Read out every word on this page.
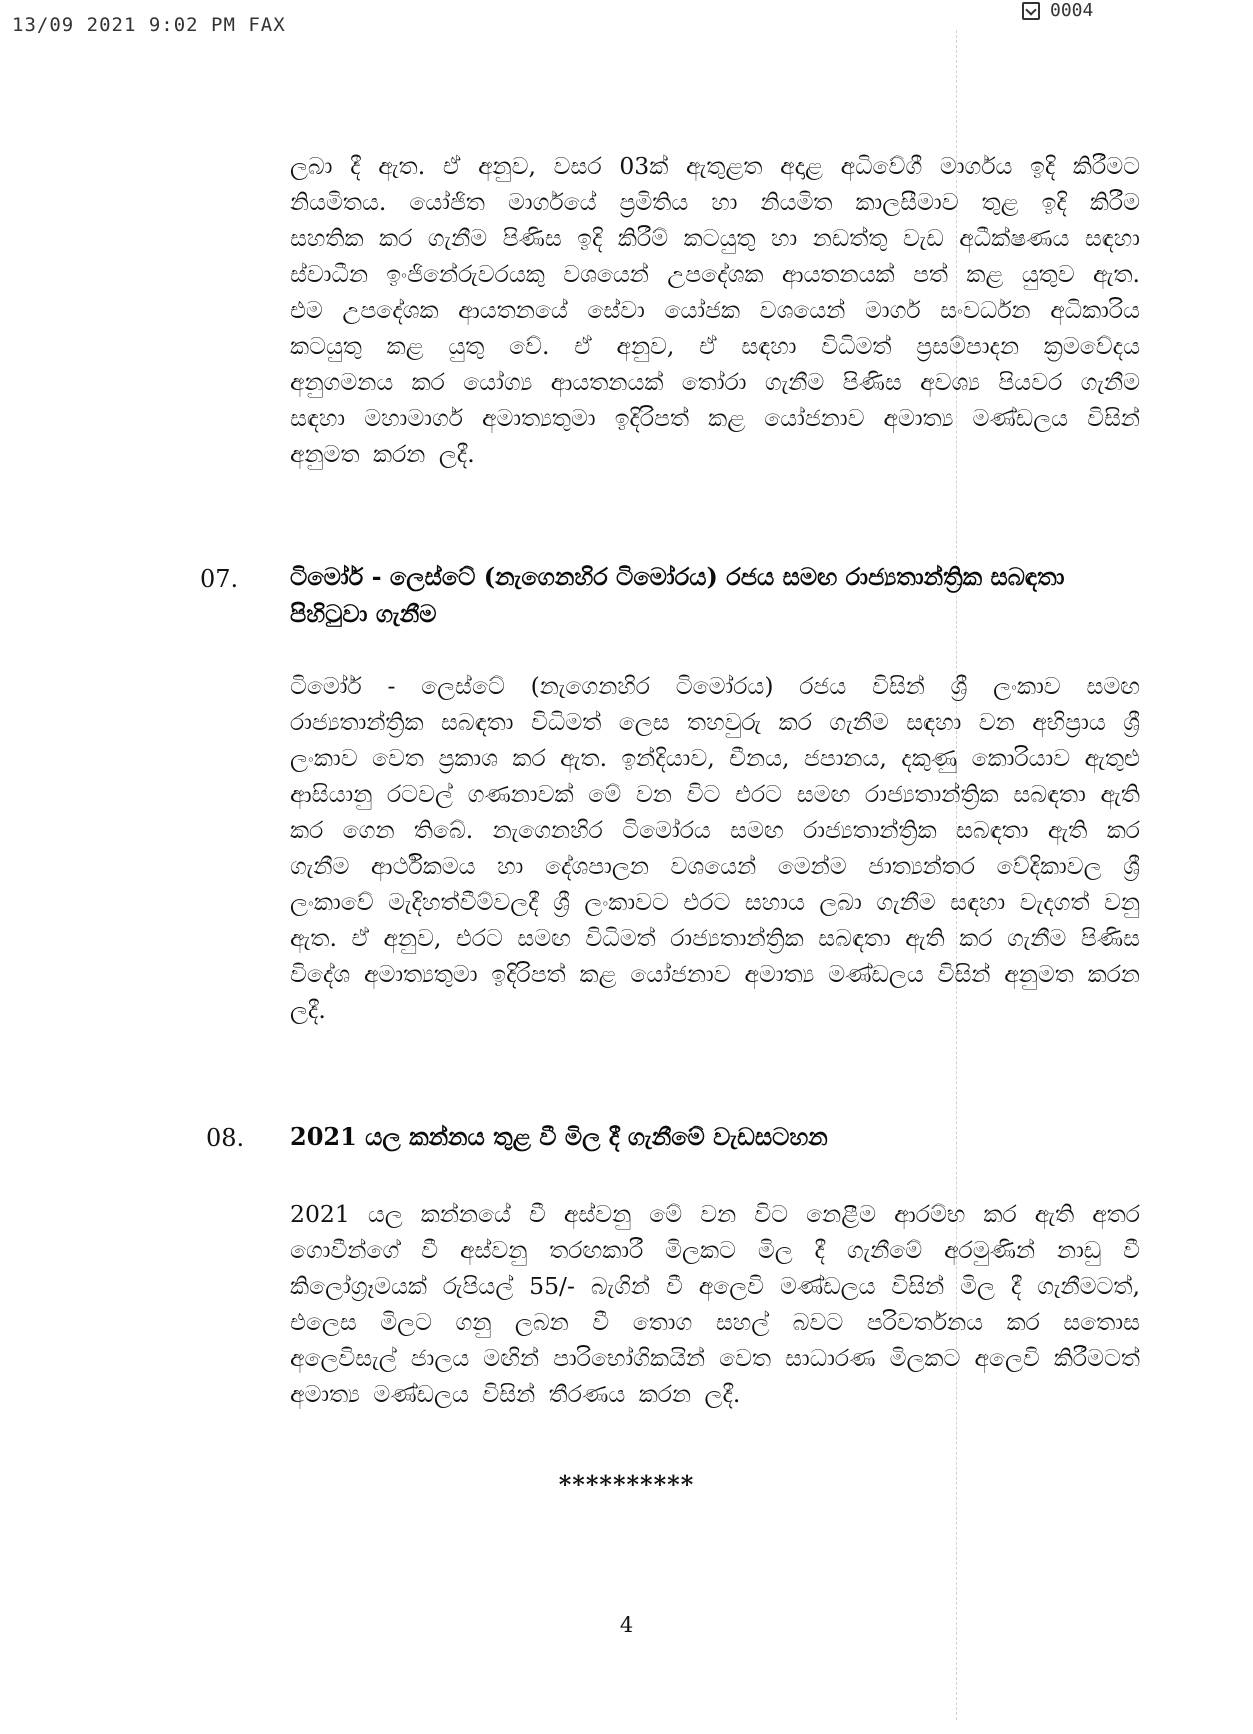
13/09 2021 9:02 PM FAX
0004
ලබා දී ඇත. ඒ අනුව, වසර 03ක් ඇතුළත අදාළ අධිවේගී මාර්ගය ඉදි කිරීමට නියමිතය. යෝජිත මාර්ගයේ ප්‍රමිතිය හා නියමිත කාලසීමාව තුළ ඉදි කිරීම සහතික කර ගැනීම පිණිස ඉදි කිරීම් කටයුතු හා නඩත්තු වැඩ අධීක්ෂණය සඳහා ස්වාධීන ඉංජිනේරුවරයකු වශයෙන් උපදේශක ආයතනයක් පත් කළ යුතුව ඇත. එම උපදේශක ආයතනයේ සේවා යෝජක වශයෙන් මාර්ග සංවර්ධන අධිකාරිය කටයුතු කළ යුතු වේ. ඒ අනුව, ඒ සඳහා විධිමත් ප්‍රසම්පාදන ක්‍රමවේදය අනුගමනය කර යෝග්‍ය ආයතනයක් තෝරා ගැනීම පිණිස අවශ්‍ය පියවර ගැනීම සඳහා මහාමාර්ග අමාත්‍යතුමා ඉදිරිපත් කළ යෝජනාව අමාත්‍ය මණ්ඩලය විසින් අනුමත කරන ලදී.
07. ටිමෝර් - ලෙස්ටේ (නැගෙනහිර ටිමෝරය) රජය සමඟ රාජ්‍යතාන්ත්‍රික සබඳතා පිහිටුවා ගැනීම
ටිමෝර් - ලෙස්ටේ (නැගෙනහිර ටිමෝරය) රජය විසින් ශ්‍රී ලංකාව සමඟ රාජ්‍යතාන්ත්‍රික සබඳතා විධිමත් ලෙස තහවුරු කර ගැනීම සඳහා වන අභිප්‍රාය ශ්‍රී ලංකාව වෙත ප්‍රකාශ කර ඇත. ඉන්දියාව, චීනය, ජපානය, දකුණු කොරියාව ඇතුළු ආසියානු රටවල් ගණනාවක් මේ වන විට එරට සමඟ රාජ්‍යතාන්ත්‍රික සබඳතා ඇති කර ගෙන තිබේ. නැගෙනහිර ටිමෝරය සමඟ රාජ්‍යතාන්ත්‍රික සබඳතා ඇති කර ගැනීම ආර්ථිකමය හා දේශපාලන වශයෙන් මෙන්ම ජාත්‍යන්තර වේදිකාවල ශ්‍රී ලංකාවේ මැදිහත්වීම්වලදී ශ්‍රී ලංකාවට එරට සහාය ලබා ගැනීම සඳහා වැදගත් වනු ඇත. ඒ අනුව, එරට සමඟ විධිමත් රාජ්‍යතාන්ත්‍රික සබඳතා ඇති කර ගැනීම පිණිස විදේශ අමාත්‍යතුමා ඉදිරිපත් කළ යෝජනාව අමාත්‍ය මණ්ඩලය විසින් අනුමත කරන ලදී.
08. 2021 යල කන්නය තුළ වී මිල දී ගැනීමේ වැඩසටහන
2021 යල කන්නයේ වී අස්වනු මේ වන විට නෙළීම ආරම්භ කර ඇති අතර ගොවීන්ගේ වී අස්වනු තරඟකාරී මිලකට මිල දී ගැනීමේ අරමුණින් නාඩු වී කිලෝග්‍රෑමයක් රුපියල් 55/- බැගින් වී අලෙවි මණ්ඩලය විසින් මිල දී ගැනීමටත්, එලෙස මිලට ගනු ලබන වී තොග සහල් බවට පරිවර්තනය කර සතොස අලෙවිසැල් ජාලය මඟින් පාරිභෝගිකයින් වෙත සාධාරණ මිලකට අලෙවි කිරීමටත් අමාත්‍ය මණ්ඩලය විසින් තීරණය කරන ලදී.
**********
4
